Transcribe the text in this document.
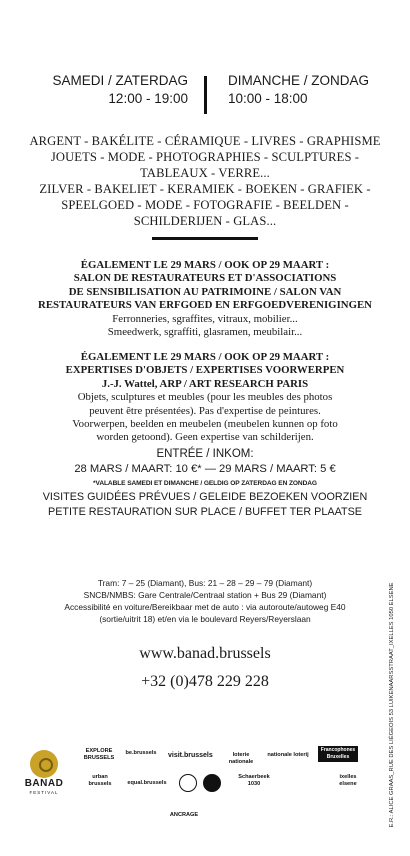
SAMEDI / ZATERDAG
12:00 - 19:00
DIMANCHE / ZONDAG
10:00 - 18:00
ARGENT - BAKÉLITE - CÉRAMIQUE - LIVRES - GRAPHISME
JOUETS - MODE - PHOTOGRAPHIES - SCULPTURES -
TABLEAUX - VERRE...
ZILVER - BAKELIET - KERAMIEK - BOEKEN - GRAFIEK -
SPEELGOED - MODE - FOTOGRAFIE - BEELDEN -
SCHILDERIJEN - GLAS...
ÉGALEMENT LE 29 MARS / OOK OP 29 MAART :
SALON DE RESTAURATEURS ET D'ASSOCIATIONS
DE SENSIBILISATION AU PATRIMOINE / SALON VAN
RESTAURATEURS VAN ERFGOED EN ERFGOEDVERENIGINGEN
Ferronneries, sgraffites, vitraux, mobilier...
Smeedwerk, sgraffiti, glasramen, meubilair...
ÉGALEMENT LE 29 MARS / OOK OP 29 MAART :
EXPERTISES D'OBJETS / EXPERTISES VOORWERPEN
J.-J. Wattel, ARP / ART RESEARCH PARIS
Objets, sculptures et meubles (pour les meubles des photos
peuvent être présentées). Pas d'expertise de peintures.
Voorwerpen, beelden en meubelen (meubelen kunnen op foto
worden getoond). Geen expertise van schilderijen.
ENTRÉE / INKOM:
28 MARS / MAART: 10 €* — 29 MARS / MAART: 5 €
*VALABLE SAMEDI ET DIMANCHE / GELDIG OP ZATERDAG EN ZONDAG
VISITES GUIDÉES PRÉVUES / GELEIDE BEZOEKEN VOORZIEN
PETITE RESTAURATION SUR PLACE / BUFFET TER PLAATSE
Tram: 7 – 25 (Diamant), Bus: 21 – 28 – 29 – 79 (Diamant)
SNCB/NMBS: Gare Centrale/Centraal station + Bus 29 (Diamant)
Accessibilité en voiture/Bereikbaar met de auto : via autoroute/autoweg E40
(sortie/uitrit 18) et/en via le boulevard Reyers/Reyerslaan
www.banad.brussels
+32 (0)478 229 228	E.R.: ALICE GRAAS_RUE DES LIÉGEOIS 53 LUIKENAARSSTRAAT_IXELLES 1050 ELSENE
BANAD
FESTIVAL
EXPLORE BRUSSELS
be.brussels visit.brussels	loterie nationale
nationale loterij
Francophones Bruxelles
urban brussels	equal.brussels
Schaerbeek 1030
ixelles elsene
ANCRAGE
